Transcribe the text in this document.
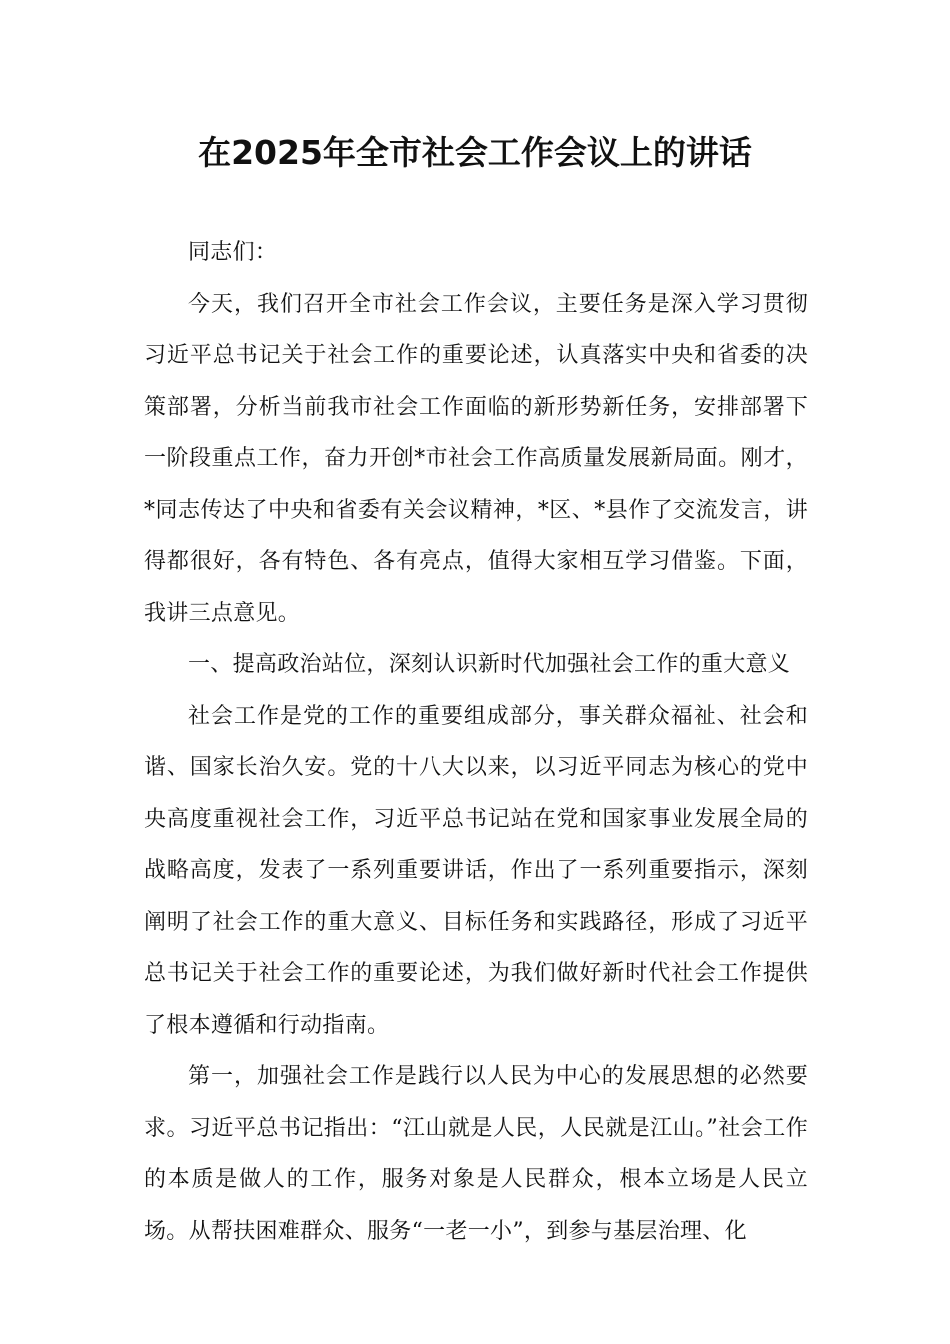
在2025年全市社会工作会议上的讲话

同志们：

今天，我们召开全市社会工作会议，主要任务是深入学习贯彻习近平总书记关于社会工作的重要论述，认真落实中央和省委的决策部署，分析当前我市社会工作面临的新形势新任务，安排部署下一阶段重点工作，奋力开创*市社会工作高质量发展新局面。刚才，*同志传达了中央和省委有关会议精神，*区、*县作了交流发言，讲得都很好，各有特色、各有亮点，值得大家相互学习借鉴。下面，我讲三点意见。

一、提高政治站位，深刻认识新时代加强社会工作的重大意义

社会工作是党的工作的重要组成部分，事关群众福祉、社会和谐、国家长治久安。党的十八大以来，以习近平同志为核心的党中央高度重视社会工作，习近平总书记站在党和国家事业发展全局的战略高度，发表了一系列重要讲话，作出了一系列重要指示，深刻阐明了社会工作的重大意义、目标任务和实践路径，形成了习近平总书记关于社会工作的重要论述，为我们做好新时代社会工作提供了根本遵循和行动指南。

第一，加强社会工作是践行以人民为中心的发展思想的必然要求。习近平总书记指出：“江山就是人民，人民就是江山。”社会工作的本质是做人的工作，服务对象是人民群众，根本立场是人民立场。从帮扶困难群众、服务“一老一小”，到参与基层治理、化
